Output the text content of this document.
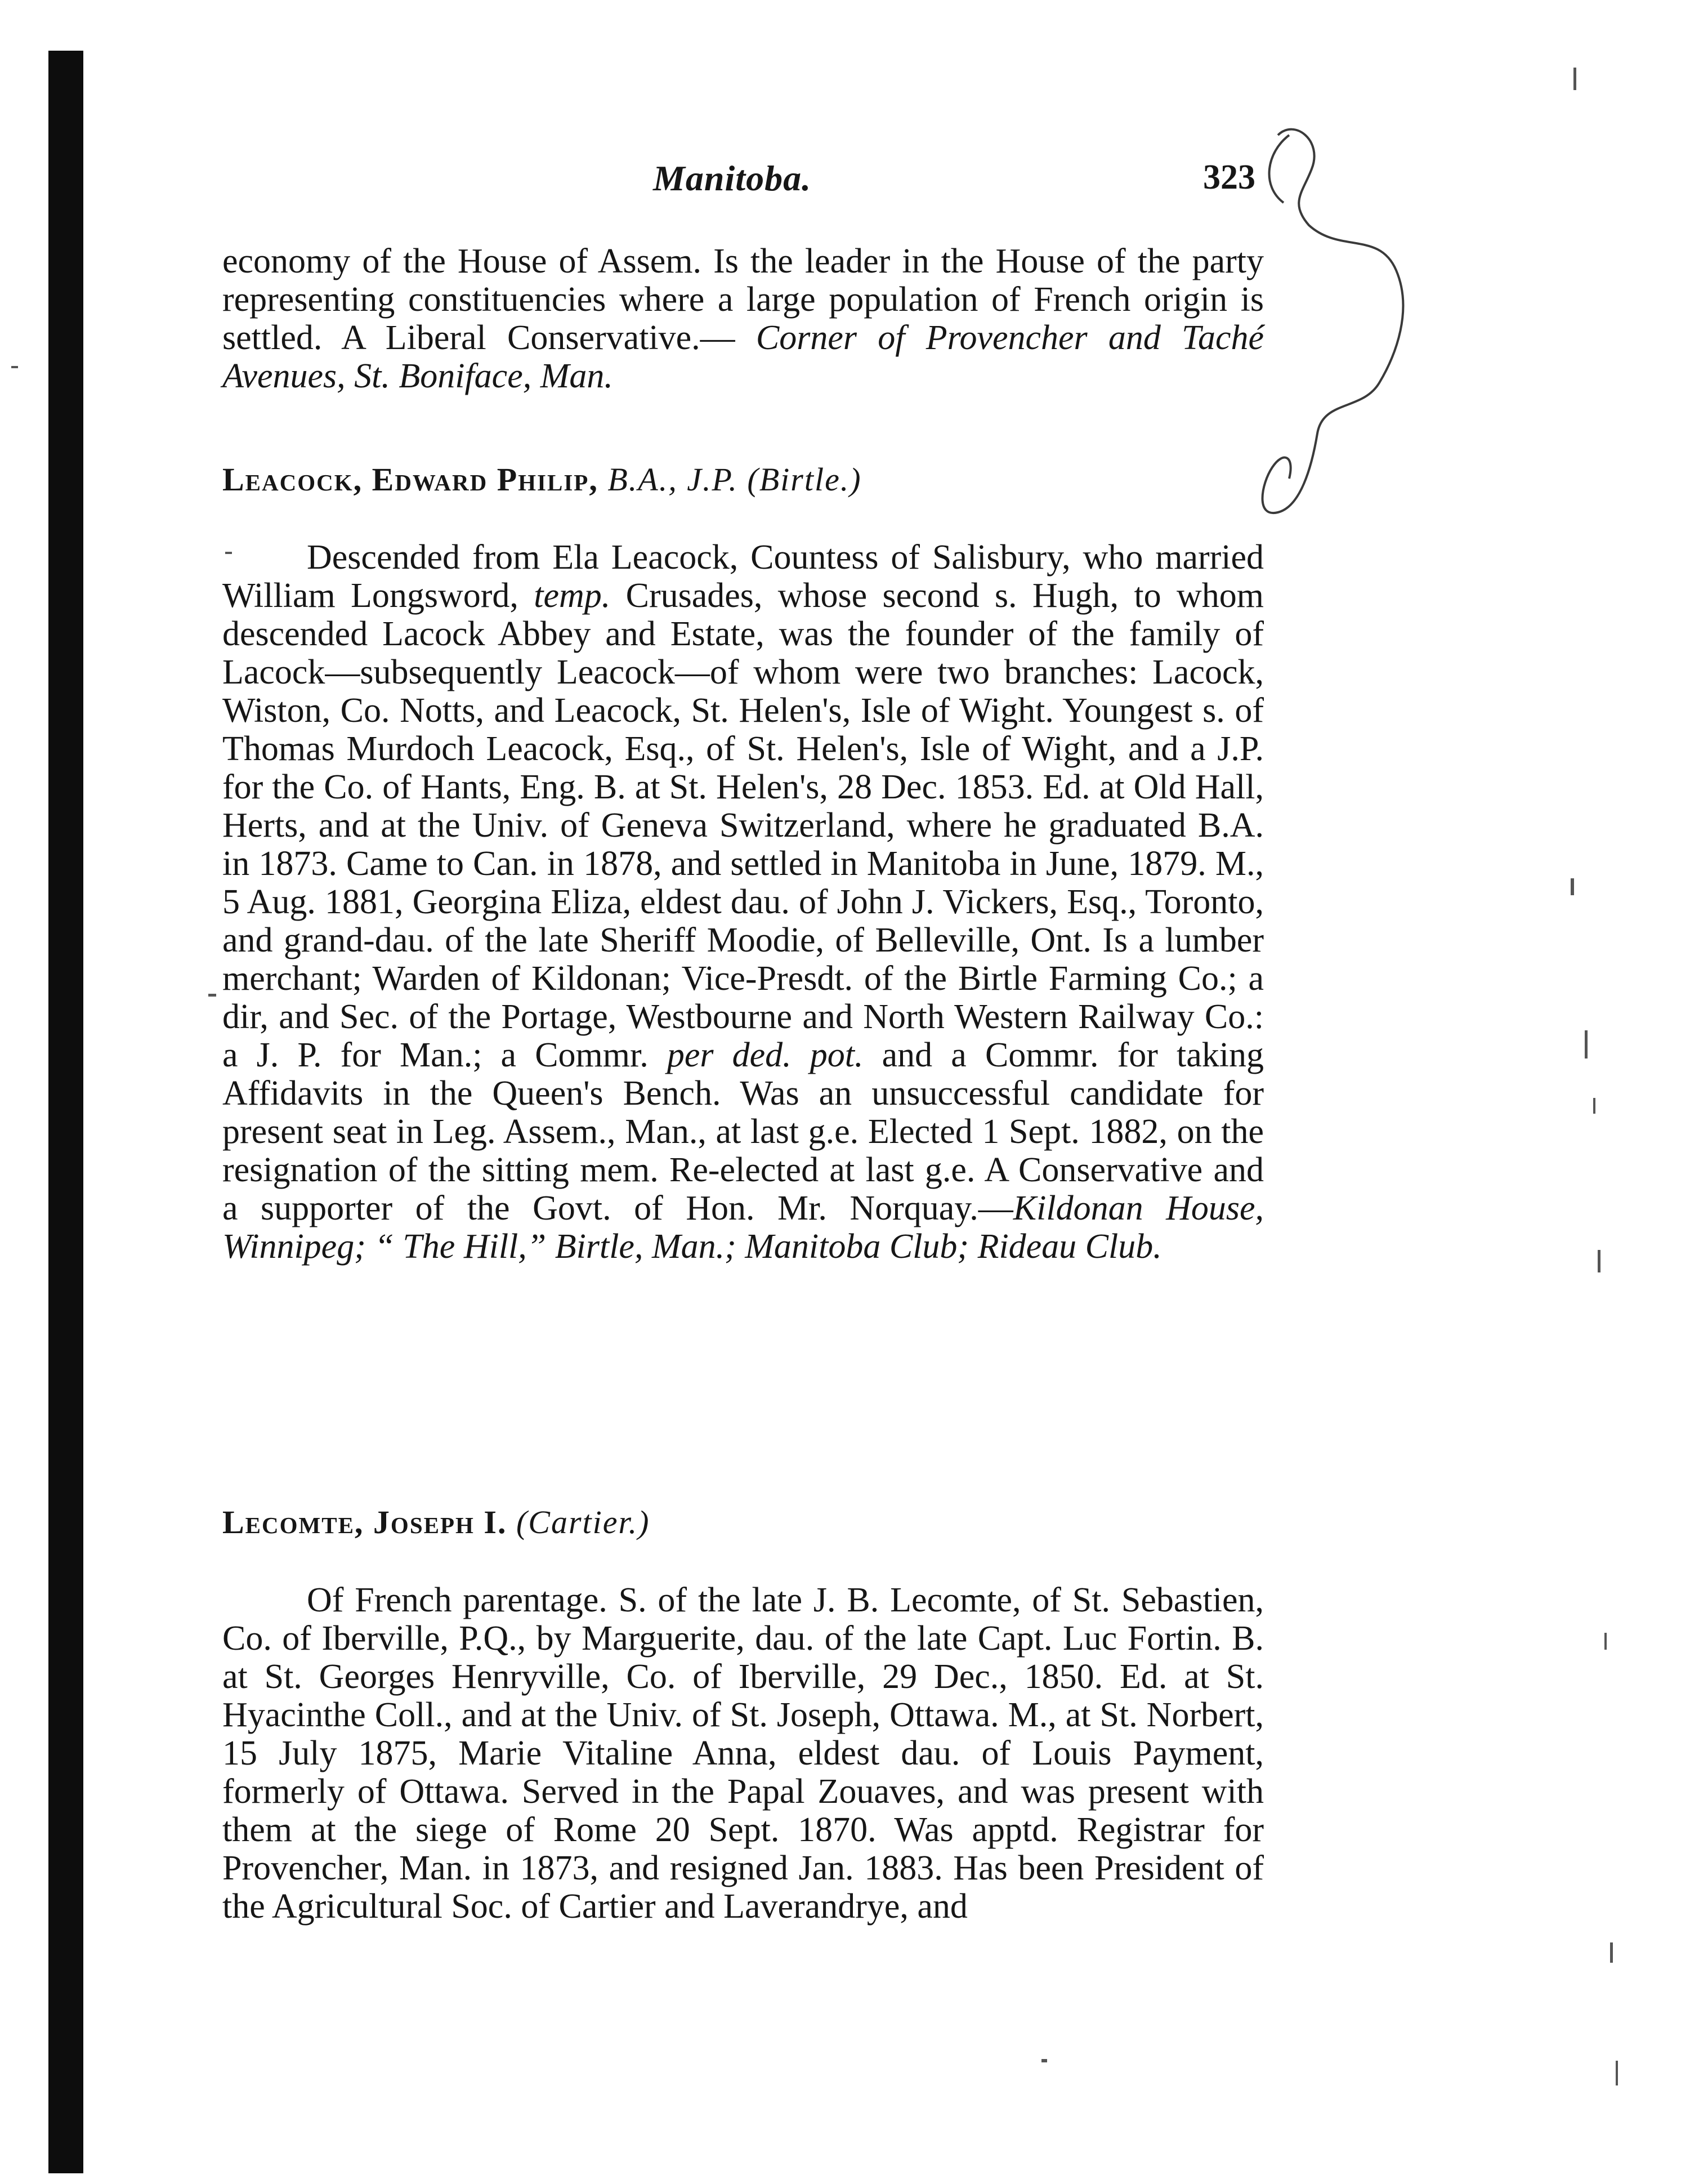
Manitoba.	323

economy of the House of Assem. Is the leader in the House of the party representing constituencies where a large population of French origin is settled. A Liberal Conservative.— Corner of Provencher and Taché Avenues, St. Boniface, Man.

Leacock, Edward Philip, B.A., J.P. (Birtle.)

Descended from Ela Leacock, Countess of Salisbury, who married William Longsword, temp. Crusades, whose second s. Hugh, to whom descended Lacock Abbey and Estate, was the founder of the family of Lacock—subsequently Leacock—of whom were two branches: Lacock, Wiston, Co. Notts, and Leacock, St. Helen's, Isle of Wight. Youngest s. of Thomas Murdoch Leacock, Esq., of St. Helen's, Isle of Wight, and a J.P. for the Co. of Hants, Eng. B. at St. Helen's, 28 Dec. 1853. Ed. at Old Hall, Herts, and at the Univ. of Geneva Switzerland, where he graduated B.A. in 1873. Came to Can. in 1878, and settled in Manitoba in June, 1879. M., 5 Aug. 1881, Georgina Eliza, eldest dau. of John J. Vickers, Esq., Toronto, and grand-dau. of the late Sheriff Moodie, of Belleville, Ont. Is a lumber merchant; Warden of Kildonan; Vice-Presdt. of the Birtle Farming Co.; a dir, and Sec. of the Portage, Westbourne and North Western Railway Co.: a J. P. for Man.; a Commr. per ded. pot. and a Commr. for taking Affidavits in the Queen's Bench. Was an unsuccessful candidate for present seat in Leg. Assem., Man., at last g.e. Elected 1 Sept. 1882, on the resignation of the sitting mem. Re-elected at last g.e. A Conservative and a supporter of the Govt. of Hon. Mr. Norquay.—Kildonan House, Winnipeg; “ The Hill,” Birtle, Man.; Manitoba Club; Rideau Club.

Lecomte, Joseph I. (Cartier.)

Of French parentage. S. of the late J. B. Lecomte, of St. Sebastien, Co. of Iberville, P.Q., by Marguerite, dau. of the late Capt. Luc Fortin. B. at St. Georges Henryville, Co. of Iberville, 29 Dec., 1850. Ed. at St. Hyacinthe Coll., and at the Univ. of St. Joseph, Ottawa. M., at St. Norbert, 15 July 1875, Marie Vitaline Anna, eldest dau. of Louis Payment, formerly of Ottawa. Served in the Papal Zouaves, and was present with them at the siege of Rome 20 Sept. 1870. Was apptd. Registrar for Provencher, Man. in 1873, and resigned Jan. 1883. Has been President of the Agricultural Soc. of Cartier and Laverandrye, and
